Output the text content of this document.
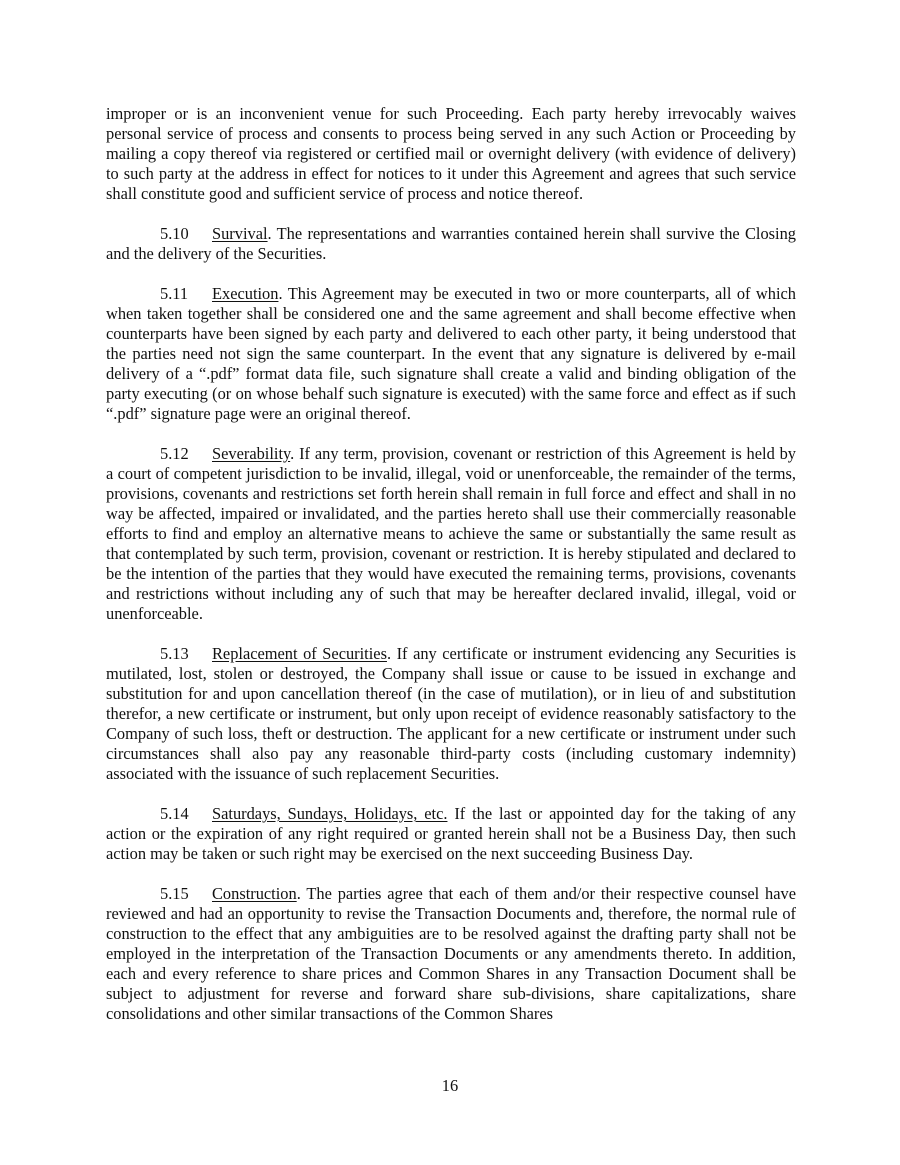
improper or is an inconvenient venue for such Proceeding. Each party hereby irrevocably waives personal service of process and consents to process being served in any such Action or Proceeding by mailing a copy thereof via registered or certified mail or overnight delivery (with evidence of delivery) to such party at the address in effect for notices to it under this Agreement and agrees that such service shall constitute good and sufficient service of process and notice thereof.

5.10 Survival. The representations and warranties contained herein shall survive the Closing and the delivery of the Securities.

5.11 Execution. This Agreement may be executed in two or more counterparts, all of which when taken together shall be considered one and the same agreement and shall become effective when counterparts have been signed by each party and delivered to each other party, it being understood that the parties need not sign the same counterpart. In the event that any signature is delivered by e-mail delivery of a “.pdf” format data file, such signature shall create a valid and binding obligation of the party executing (or on whose behalf such signature is executed) with the same force and effect as if such “.pdf” signature page were an original thereof.

5.12 Severability. If any term, provision, covenant or restriction of this Agreement is held by a court of competent jurisdiction to be invalid, illegal, void or unenforceable, the remainder of the terms, provisions, covenants and restrictions set forth herein shall remain in full force and effect and shall in no way be affected, impaired or invalidated, and the parties hereto shall use their commercially reasonable efforts to find and employ an alternative means to achieve the same or substantially the same result as that contemplated by such term, provision, covenant or restriction. It is hereby stipulated and declared to be the intention of the parties that they would have executed the remaining terms, provisions, covenants and restrictions without including any of such that may be hereafter declared invalid, illegal, void or unenforceable.

5.13 Replacement of Securities. If any certificate or instrument evidencing any Securities is mutilated, lost, stolen or destroyed, the Company shall issue or cause to be issued in exchange and substitution for and upon cancellation thereof (in the case of mutilation), or in lieu of and substitution therefor, a new certificate or instrument, but only upon receipt of evidence reasonably satisfactory to the Company of such loss, theft or destruction. The applicant for a new certificate or instrument under such circumstances shall also pay any reasonable third-party costs (including customary indemnity) associated with the issuance of such replacement Securities.

5.14 Saturdays, Sundays, Holidays, etc. If the last or appointed day for the taking of any action or the expiration of any right required or granted herein shall not be a Business Day, then such action may be taken or such right may be exercised on the next succeeding Business Day.

5.15 Construction. The parties agree that each of them and/or their respective counsel have reviewed and had an opportunity to revise the Transaction Documents and, therefore, the normal rule of construction to the effect that any ambiguities are to be resolved against the drafting party shall not be employed in the interpretation of the Transaction Documents or any amendments thereto. In addition, each and every reference to share prices and Common Shares in any Transaction Document shall be subject to adjustment for reverse and forward share sub-divisions, share capitalizations, share consolidations and other similar transactions of the Common Shares

16
